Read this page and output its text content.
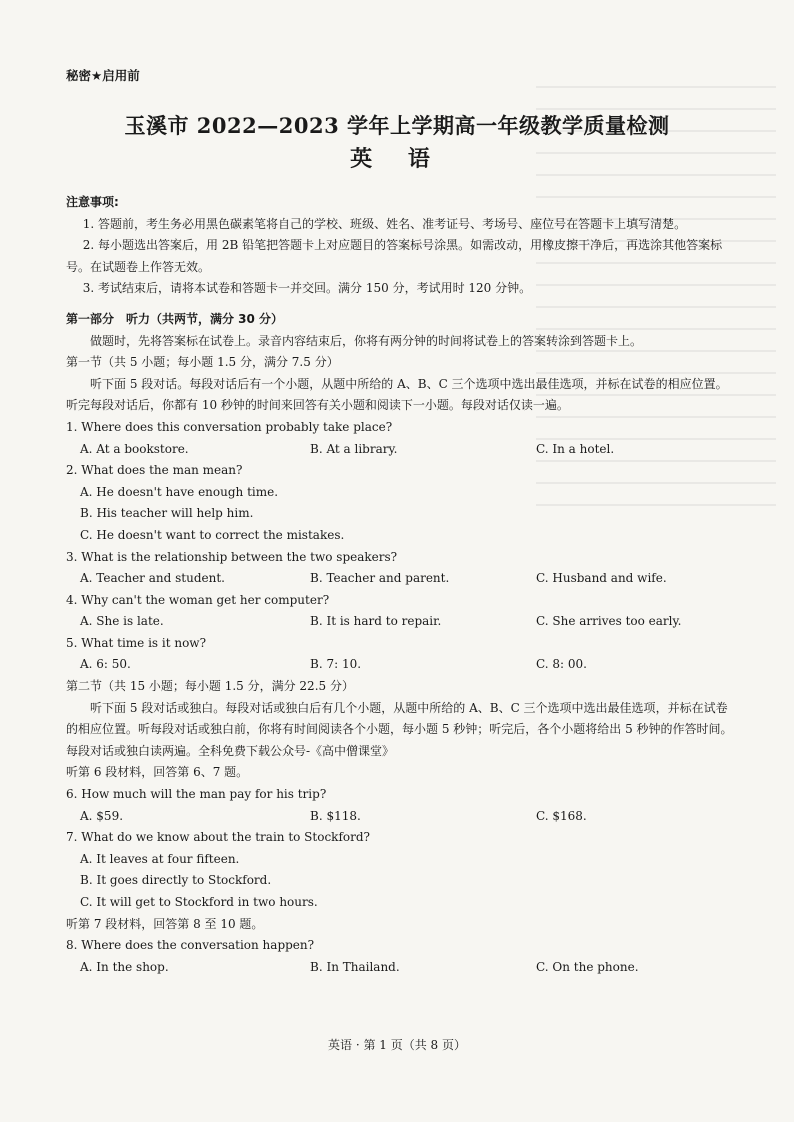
秘密★启用前
玉溪市 2022—2023 学年上学期高一年级教学质量检测
英 语

注意事项:

1. 答题前，考生务必用黑色碳素笔将自己的学校、班级、姓名、准考证号、考场号、座位号在答题卡上填写清楚。

2. 每小题选出答案后，用 2B 铅笔把答题卡上对应题目的答案标号涂黑。如需改动，用橡皮擦干净后，再选涂其他答案标号。在试题卷上作答无效。

3. 考试结束后，请将本试卷和答题卡一并交回。满分 150 分，考试用时 120 分钟。

第一部分　听力（共两节，满分 30 分）

做题时，先将答案标在试卷上。录音内容结束后，你将有两分钟的时间将试卷上的答案转涂到答题卡上。

第一节（共 5 小题；每小题 1.5 分，满分 7.5 分）

听下面 5 段对话。每段对话后有一个小题，从题中所给的 A、B、C 三个选项中选出最佳选项，并标在试卷的相应位置。听完每段对话后，你都有 10 秒钟的时间来回答有关小题和阅读下一小题。每段对话仅读一遍。

1. Where does this conversation probably take place?

A. At a bookstore.	B. At a library.	C. In a hotel.

2. What does the man mean?

A. He doesn't have enough time.

B. His teacher will help him.

C. He doesn't want to correct the mistakes.

3. What is the relationship between the two speakers?

A. Teacher and student.	B. Teacher and parent.	C. Husband and wife.

4. Why can't the woman get her computer?

A. She is late.	B. It is hard to repair.	C. She arrives too early.

5. What time is it now?

A. 6: 50.	B. 7: 10.	C. 8: 00.

第二节（共 15 小题；每小题 1.5 分，满分 22.5 分）

听下面 5 段对话或独白。每段对话或独白后有几个小题，从题中所给的 A、B、C 三个选项中选出最佳选项，并标在试卷的相应位置。听每段对话或独白前，你将有时间阅读各个小题，每小题 5 秒钟；听完后，各个小题将给出 5 秒钟的作答时间。每段对话或独白读两遍。全科免费下载公众号-《高中僧课堂》

听第 6 段材料，回答第 6、7 题。

6. How much will the man pay for his trip?

A. $59.	B. $118.	C. $168.

7. What do we know about the train to Stockford?

A. It leaves at four fifteen.

B. It goes directly to Stockford.

C. It will get to Stockford in two hours.

听第 7 段材料，回答第 8 至 10 题。

8. Where does the conversation happen?

A. In the shop.	B. In Thailand.	C. On the phone.
英语 · 第 1 页（共 8 页）
